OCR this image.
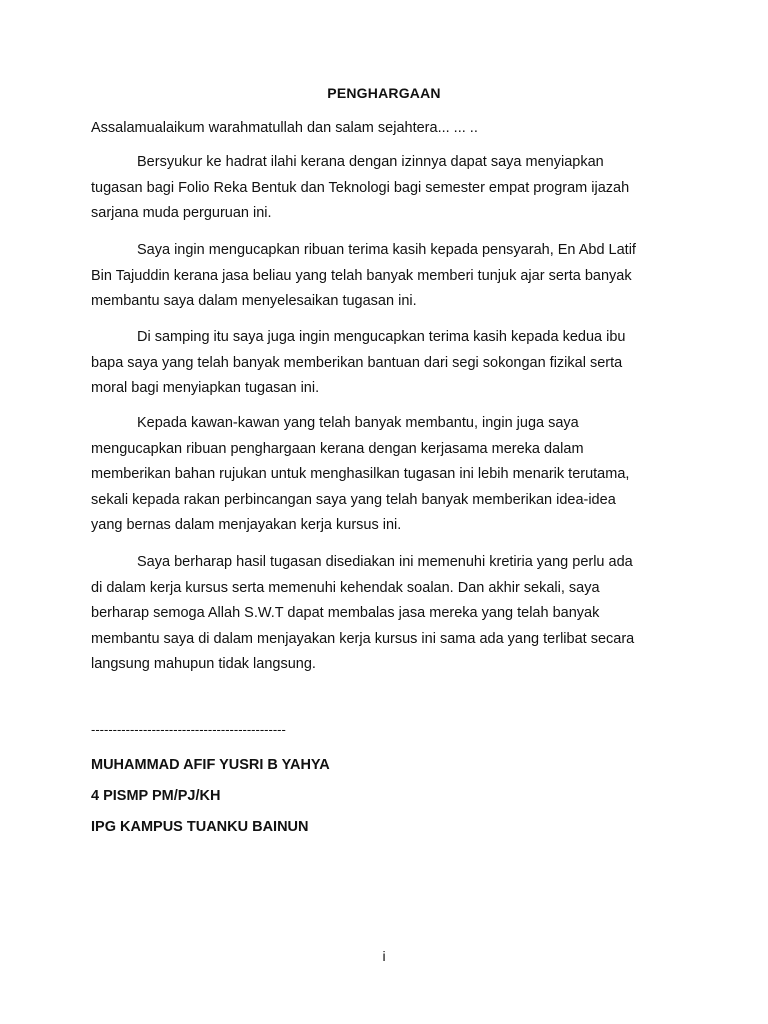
PENGHARGAAN
Assalamualaikum warahmatullah dan salam sejahtera... ... ..

Bersyukur ke hadrat ilahi kerana dengan izinnya dapat saya menyiapkan
tugasan bagi Folio Reka Bentuk dan Teknologi bagi semester empat program ijazah
sarjana muda perguruan ini.

Saya ingin mengucapkan ribuan terima kasih kepada pensyarah, En Abd Latif
Bin Tajuddin kerana jasa beliau yang telah banyak memberi tunjuk ajar serta banyak
membantu saya dalam menyelesaikan tugasan ini.

Di samping itu saya juga ingin mengucapkan terima kasih kepada kedua ibu
bapa saya yang telah banyak memberikan bantuan dari segi sokongan fizikal serta
moral bagi menyiapkan tugasan ini.

Kepada kawan-kawan yang telah banyak membantu, ingin juga saya
mengucapkan ribuan penghargaan kerana dengan kerjasama mereka dalam
memberikan bahan rujukan untuk menghasilkan tugasan ini lebih menarik terutama,
sekali kepada rakan perbincangan saya yang telah banyak memberikan idea-idea
yang bernas dalam menjayakan kerja kursus ini.

Saya berharap hasil tugasan disediakan ini memenuhi kretiria yang perlu ada
di dalam kerja kursus serta memenuhi kehendak soalan. Dan akhir sekali, saya
berharap semoga Allah S.W.T dapat membalas jasa mereka yang telah banyak
membantu saya di dalam menjayakan kerja kursus ini sama ada yang terlibat secara
langsung mahupun tidak langsung.

---------------------------------------------
MUHAMMAD AFIF YUSRI B YAHYA
4 PISMP PM/PJ/KH
IPG KAMPUS TUANKU BAINUN
i
